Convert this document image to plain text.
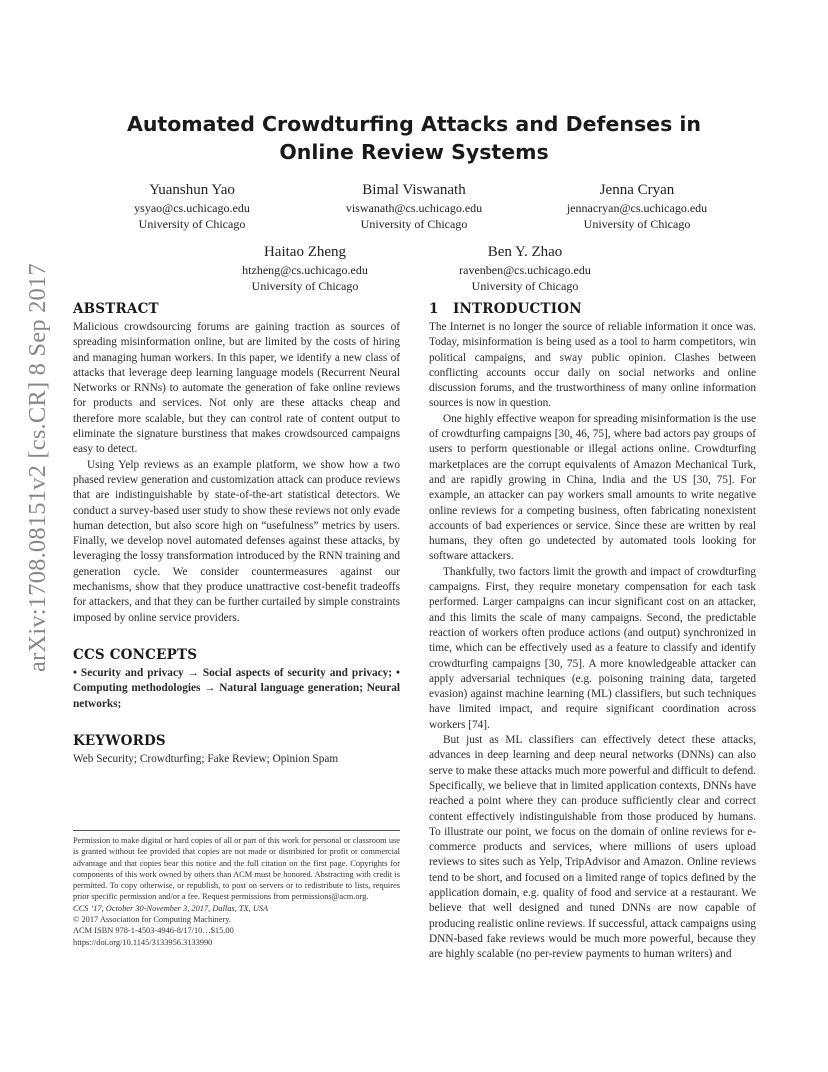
arXiv:1708.08151v2 [cs.CR] 8 Sep 2017
Automated Crowdturfing Attacks and Defenses in
Online Review Systems
Yuanshun Yao
ysyao@cs.uchicago.edu
University of Chicago
Bimal Viswanath
viswanath@cs.uchicago.edu
University of Chicago
Jenna Cryan
jennacryan@cs.uchicago.edu
University of Chicago
Haitao Zheng
htzheng@cs.uchicago.edu
University of Chicago
Ben Y. Zhao
ravenben@cs.uchicago.edu
University of Chicago
ABSTRACT

Malicious crowdsourcing forums are gaining traction as sources of spreading misinformation online, but are limited by the costs of hiring and managing human workers. In this paper, we identify a new class of attacks that leverage deep learning language models (Recurrent Neural Networks or RNNs) to automate the generation of fake online reviews for products and services. Not only are these attacks cheap and therefore more scalable, but they can control rate of content output to eliminate the signature burstiness that makes crowdsourced campaigns easy to detect.

Using Yelp reviews as an example platform, we show how a two phased review generation and customization attack can produce reviews that are indistinguishable by state-of-the-art statistical detectors. We conduct a survey-based user study to show these reviews not only evade human detection, but also score high on “usefulness” metrics by users. Finally, we develop novel automated defenses against these attacks, by leveraging the lossy transformation introduced by the RNN training and generation cycle. We consider countermeasures against our mechanisms, show that they produce unattractive cost-benefit tradeoffs for attackers, and that they can be further curtailed by simple constraints imposed by online service providers.

CCS CONCEPTS

• Security and privacy → Social aspects of security and privacy; • Computing methodologies → Natural language generation; Neural networks;

KEYWORDS

Web Security; Crowdturfing; Fake Review; Opinion Spam

Permission to make digital or hard copies of all or part of this work for personal or classroom use is granted without fee provided that copies are not made or distributed for profit or commercial advantage and that copies bear this notice and the full citation on the first page. Copyrights for components of this work owned by others than ACM must be honored. Abstracting with credit is permitted. To copy otherwise, or republish, to post on servers or to redistribute to lists, requires prior specific permission and/or a fee. Request permissions from permissions@acm.org.
CCS ’17, October 30-November 3, 2017, Dallas, TX, USA
© 2017 Association for Computing Machinery.
ACM ISBN 978-1-4503-4946-8/17/10…$15.00
https://doi.org/10.1145/3133956.3133990
1 INTRODUCTION

The Internet is no longer the source of reliable information it once was. Today, misinformation is being used as a tool to harm competitors, win political campaigns, and sway public opinion. Clashes between conflicting accounts occur daily on social networks and online discussion forums, and the trustworthiness of many online information sources is now in question.

One highly effective weapon for spreading misinformation is the use of crowdturfing campaigns [30, 46, 75], where bad actors pay groups of users to perform questionable or illegal actions online. Crowdturfing marketplaces are the corrupt equivalents of Amazon Mechanical Turk, and are rapidly growing in China, India and the US [30, 75]. For example, an attacker can pay workers small amounts to write negative online reviews for a competing business, often fabricating nonexistent accounts of bad experiences or service. Since these are written by real humans, they often go undetected by automated tools looking for software attackers.

Thankfully, two factors limit the growth and impact of crowdturfing campaigns. First, they require monetary compensation for each task performed. Larger campaigns can incur significant cost on an attacker, and this limits the scale of many campaigns. Second, the predictable reaction of workers often produce actions (and output) synchronized in time, which can be effectively used as a feature to classify and identify crowdturfing campaigns [30, 75]. A more knowledgeable attacker can apply adversarial techniques (e.g. poisoning training data, targeted evasion) against machine learning (ML) classifiers, but such techniques have limited impact, and require significant coordination across workers [74].

But just as ML classifiers can effectively detect these attacks, advances in deep learning and deep neural networks (DNNs) can also serve to make these attacks much more powerful and difficult to defend. Specifically, we believe that in limited application contexts, DNNs have reached a point where they can produce sufficiently clear and correct content effectively indistinguishable from those produced by humans. To illustrate our point, we focus on the domain of online reviews for e-commerce products and services, where millions of users upload reviews to sites such as Yelp, TripAdvisor and Amazon. Online reviews tend to be short, and focused on a limited range of topics defined by the application domain, e.g. quality of food and service at a restaurant. We believe that well designed and tuned DNNs are now capable of producing realistic online reviews. If successful, attack campaigns using DNN-based fake reviews would be much more powerful, because they are highly scalable (no per-review payments to human writers) and
